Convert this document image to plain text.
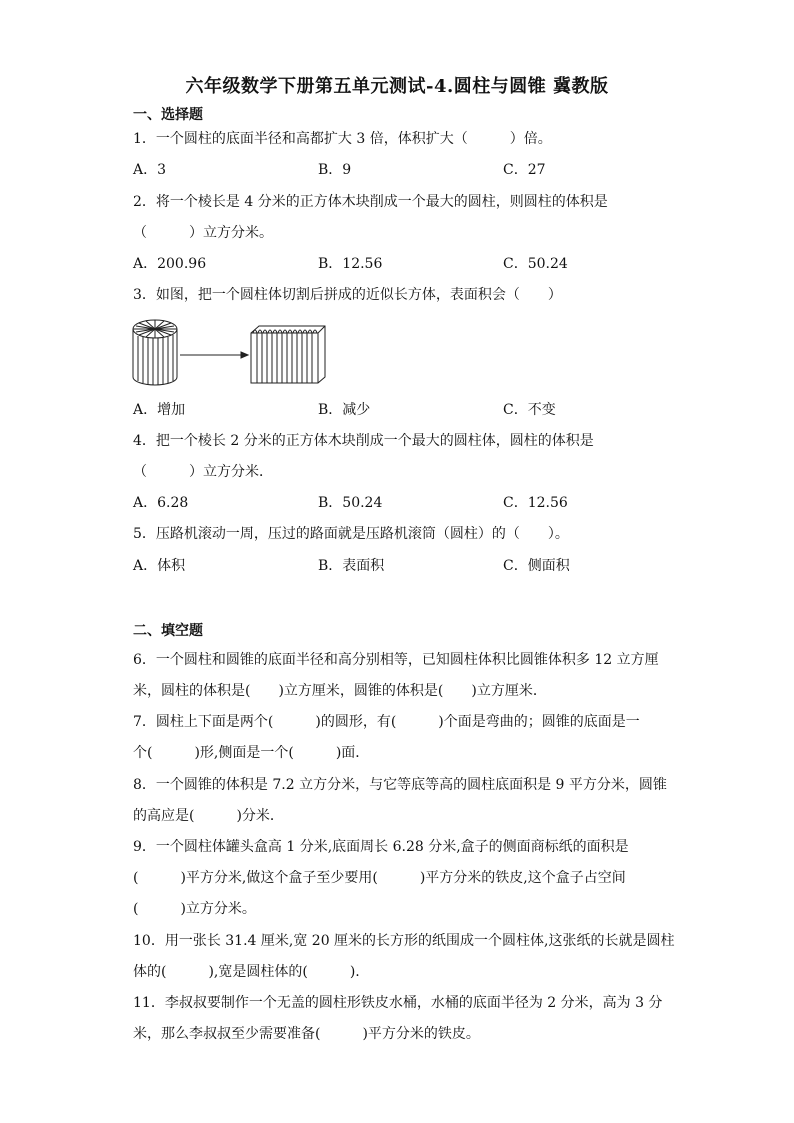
六年级数学下册第五单元测试-4.圆柱与圆锥 冀教版
一、选择题
1．一个圆柱的底面半径和高都扩大 3 倍，体积扩大（　　　）倍。
A．3	B．9	C．27
2．将一个棱长是 4 分米的正方体木块削成一个最大的圆柱，则圆柱的体积是
（　　　）立方分米。
A．200.96	B．12.56	C．50.24
3．如图，把一个圆柱体切割后拼成的近似长方体，表面积会（　　）
A．增加	B．减少	C．不变
4．把一个棱长 2 分米的正方体木块削成一个最大的圆柱体，圆柱的体积是
（　　　）立方分米．
A．6.28	B．50.24	C．12.56
5．压路机滚动一周，压过的路面就是压路机滚筒（圆柱）的（　　）。
A．体积	B．表面积	C．侧面积
二、填空题
6．一个圆柱和圆锥的底面半径和高分别相等，已知圆柱体积比圆锥体积多 12 立方厘
米，圆柱的体积是(　　)立方厘米，圆锥的体积是(　　)立方厘米．
7．圆柱上下面是两个(　　　)的圆形，有(　　　)个面是弯曲的；圆锥的底面是一
个(　　　)形,侧面是一个(　　　)面．
8．一个圆锥的体积是 7.2 立方分米，与它等底等高的圆柱底面积是 9 平方分米，圆锥
的高应是(　　　)分米．
9．一个圆柱体罐头盒高 1 分米,底面周长 6.28 分米,盒子的侧面商标纸的面积是
(　　　)平方分米,做这个盒子至少要用(　　　)平方分米的铁皮,这个盒子占空间
(　　　)立方分米。
10．用一张长 31.4 厘米,宽 20 厘米的长方形的纸围成一个圆柱体,这张纸的长就是圆柱
体的(　　　),宽是圆柱体的(　　　).
11．李叔叔要制作一个无盖的圆柱形铁皮水桶，水桶的底面半径为 2 分米，高为 3 分
米，那么李叔叔至少需要准备(　　　)平方分米的铁皮。
